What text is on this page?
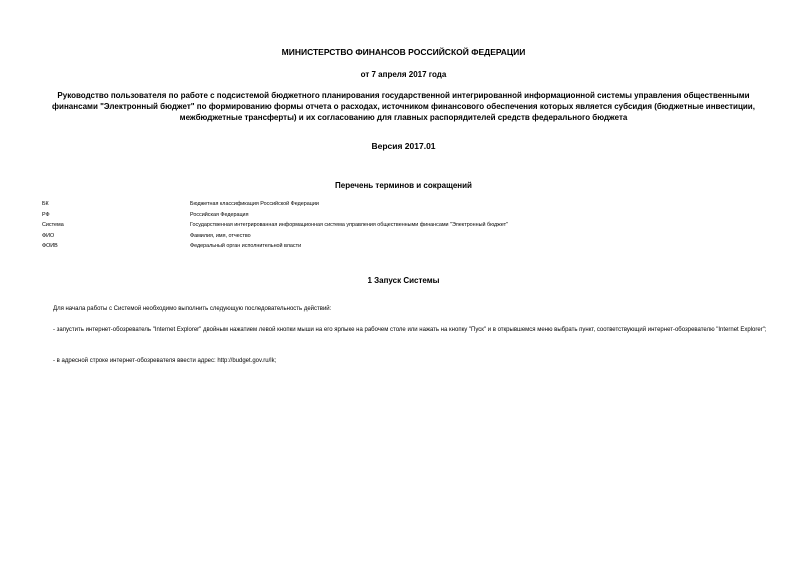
МИНИСТЕРСТВО ФИНАНСОВ РОССИЙСКОЙ ФЕДЕРАЦИИ
от 7 апреля 2017 года
Руководство пользователя по работе с подсистемой бюджетного планирования государственной интегрированной информационной системы управления общественными финансами "Электронный бюджет" по формированию формы отчета о расходах, источником финансового обеспечения которых является субсидия (бюджетные инвестиции, межбюджетные трансферты) и их согласованию для главных распорядителей средств федерального бюджета
Версия 2017.01
Перечень терминов и сокращений
БК	Бюджетная классификация Российской Федерации
РФ	Российская Федерация
Система	Государственная интегрированная информационная система управления общественными финансами "Электронный бюджет"
ФИО	Фамилия, имя, отчество
ФОИВ	Федеральный орган исполнительной власти
1 Запуск Системы
Для начала работы с Системой необходимо выполнить следующую последовательность действий:
- запустить интернет-обозреватель "Internet Explorer" двойным нажатием левой кнопки мыши на его ярлыке на рабочем столе или нажать на кнопку "Пуск" и в открывшемся меню выбрать пункт, соответствующий интернет-обозревателю "Internet Explorer";
- в адресной строке интернет-обозревателя ввести адрес: http://budget.gov.ru/lk;
